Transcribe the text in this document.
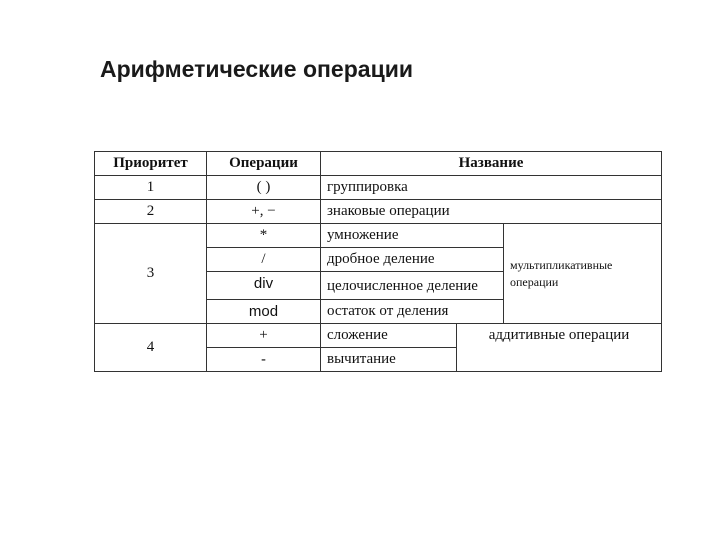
Арифметические операции
Приоритет	Операции	Название		
1	( )	группировка		
2	+, −	знаковые операции		
3	*	умножение		мультипликативные операции
	/	дробное деление		
	div	целочисленное деление		
	mod	остаток от деления		
4	+	сложение	аддитивные операции	
	-	вычитание		
